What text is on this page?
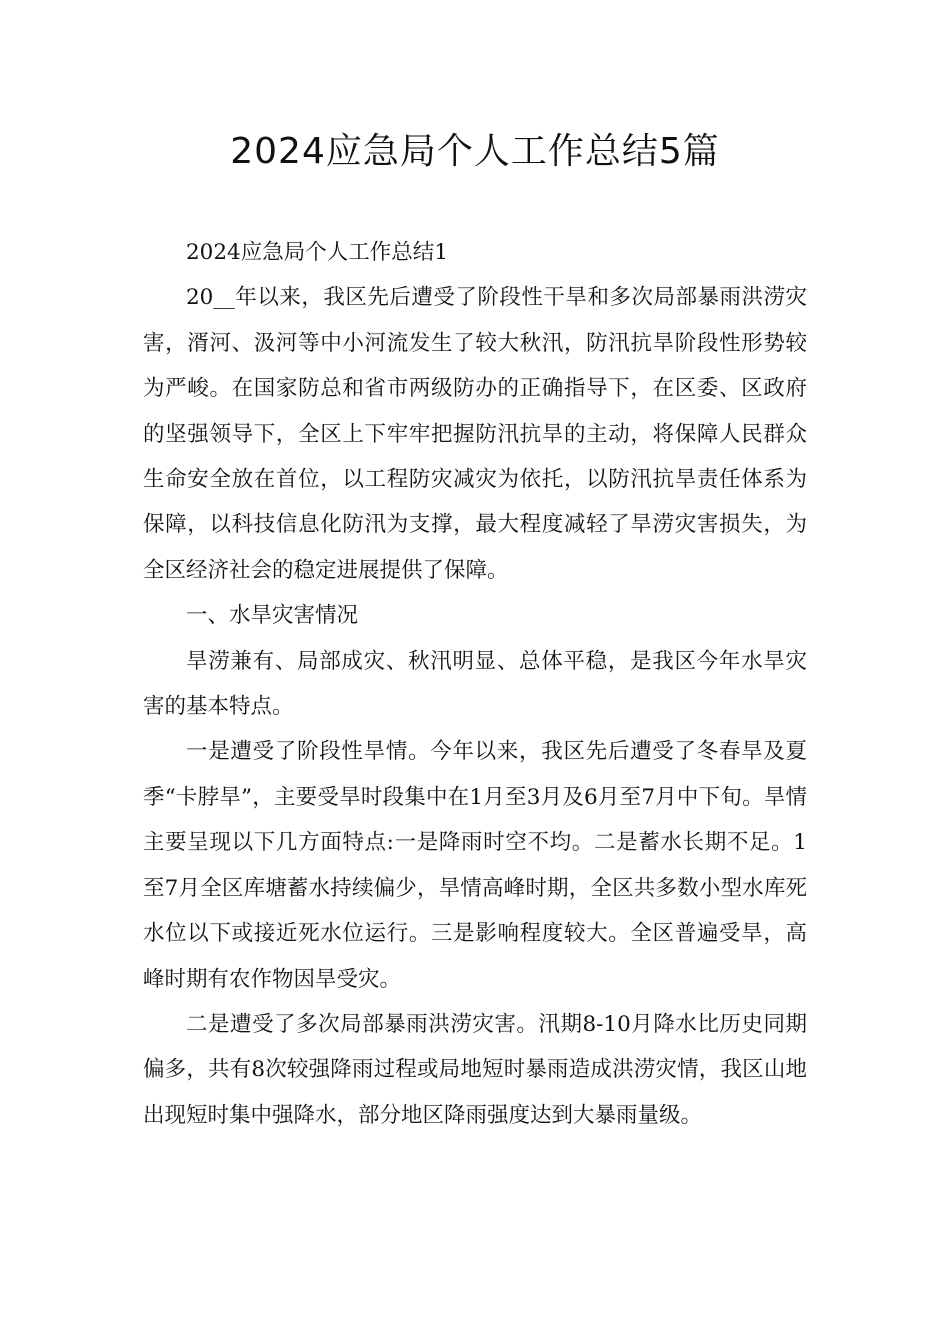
2024应急局个人工作总结5篇

2024应急局个人工作总结1

20__年以来，我区先后遭受了阶段性干旱和多次局部暴雨洪涝灾害，湑河、汲河等中小河流发生了较大秋汛，防汛抗旱阶段性形势较为严峻。在国家防总和省市两级防办的正确指导下，在区委、区政府的坚强领导下，全区上下牢牢把握防汛抗旱的主动，将保障人民群众生命安全放在首位，以工程防灾减灾为依托，以防汛抗旱责任体系为保障，以科技信息化防汛为支撑，最大程度减轻了旱涝灾害损失，为全区经济社会的稳定进展提供了保障。

一、水旱灾害情况

旱涝兼有、局部成灾、秋汛明显、总体平稳，是我区今年水旱灾害的基本特点。

一是遭受了阶段性旱情。今年以来，我区先后遭受了冬春旱及夏季“卡脖旱”，主要受旱时段集中在1月至3月及6月至7月中下旬。旱情主要呈现以下几方面特点:一是降雨时空不均。二是蓄水长期不足。1至7月全区库塘蓄水持续偏少，旱情高峰时期，全区共多数小型水库死水位以下或接近死水位运行。三是影响程度较大。全区普遍受旱，高峰时期有农作物因旱受灾。

二是遭受了多次局部暴雨洪涝灾害。汛期8-10月降水比历史同期偏多，共有8次较强降雨过程或局地短时暴雨造成洪涝灾情，我区山地出现短时集中强降水，部分地区降雨强度达到大暴雨量级。
